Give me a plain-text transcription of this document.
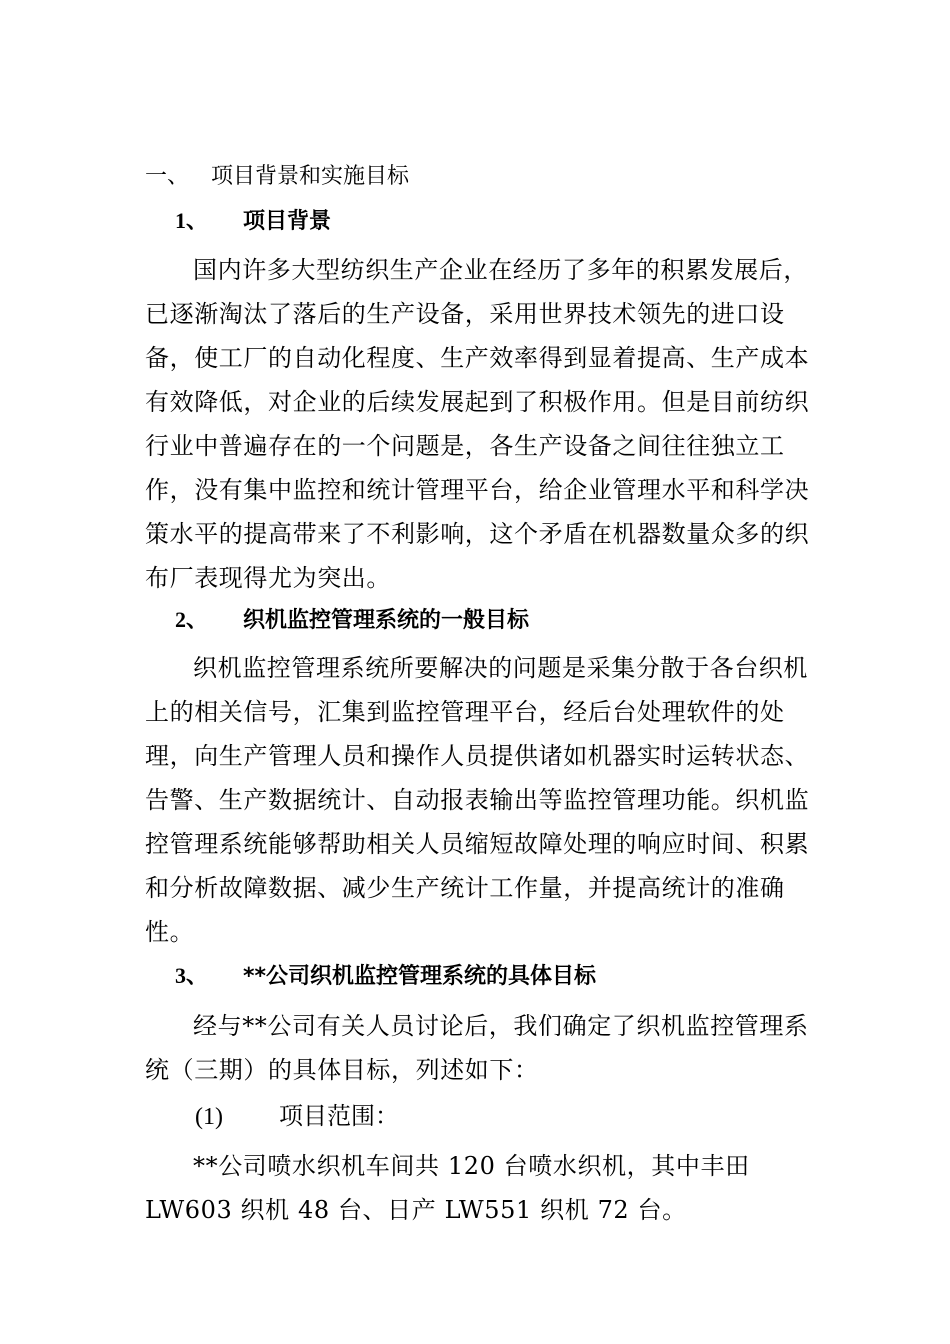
一、 项目背景和实施目标
1、 项目背景

国内许多大型纺织生产企业在经历了多年的积累发展后，已逐渐淘汰了落后的生产设备，采用世界技术领先的进口设备，使工厂的自动化程度、生产效率得到显着提高、生产成本有效降低，对企业的后续发展起到了积极作用。但是目前纺织行业中普遍存在的一个问题是，各生产设备之间往往独立工作，没有集中监控和统计管理平台，给企业管理水平和科学决策水平的提高带来了不利影响，这个矛盾在机器数量众多的织布厂表现得尤为突出。

2、 织机监控管理系统的一般目标

织机监控管理系统所要解决的问题是采集分散于各台织机上的相关信号，汇集到监控管理平台，经后台处理软件的处理，向生产管理人员和操作人员提供诸如机器实时运转状态、告警、生产数据统计、自动报表输出等监控管理功能。织机监控管理系统能够帮助相关人员缩短故障处理的响应时间、积累和分析故障数据、减少生产统计工作量，并提高统计的准确性。

3、 **公司织机监控管理系统的具体目标

经与**公司有关人员讨论后，我们确定了织机监控管理系统（三期）的具体目标，列述如下：

(1) 项目范围：

**公司喷水织机车间共 120 台喷水织机，其中丰田 LW603 织机 48 台、日产 LW551 织机 72 台。
